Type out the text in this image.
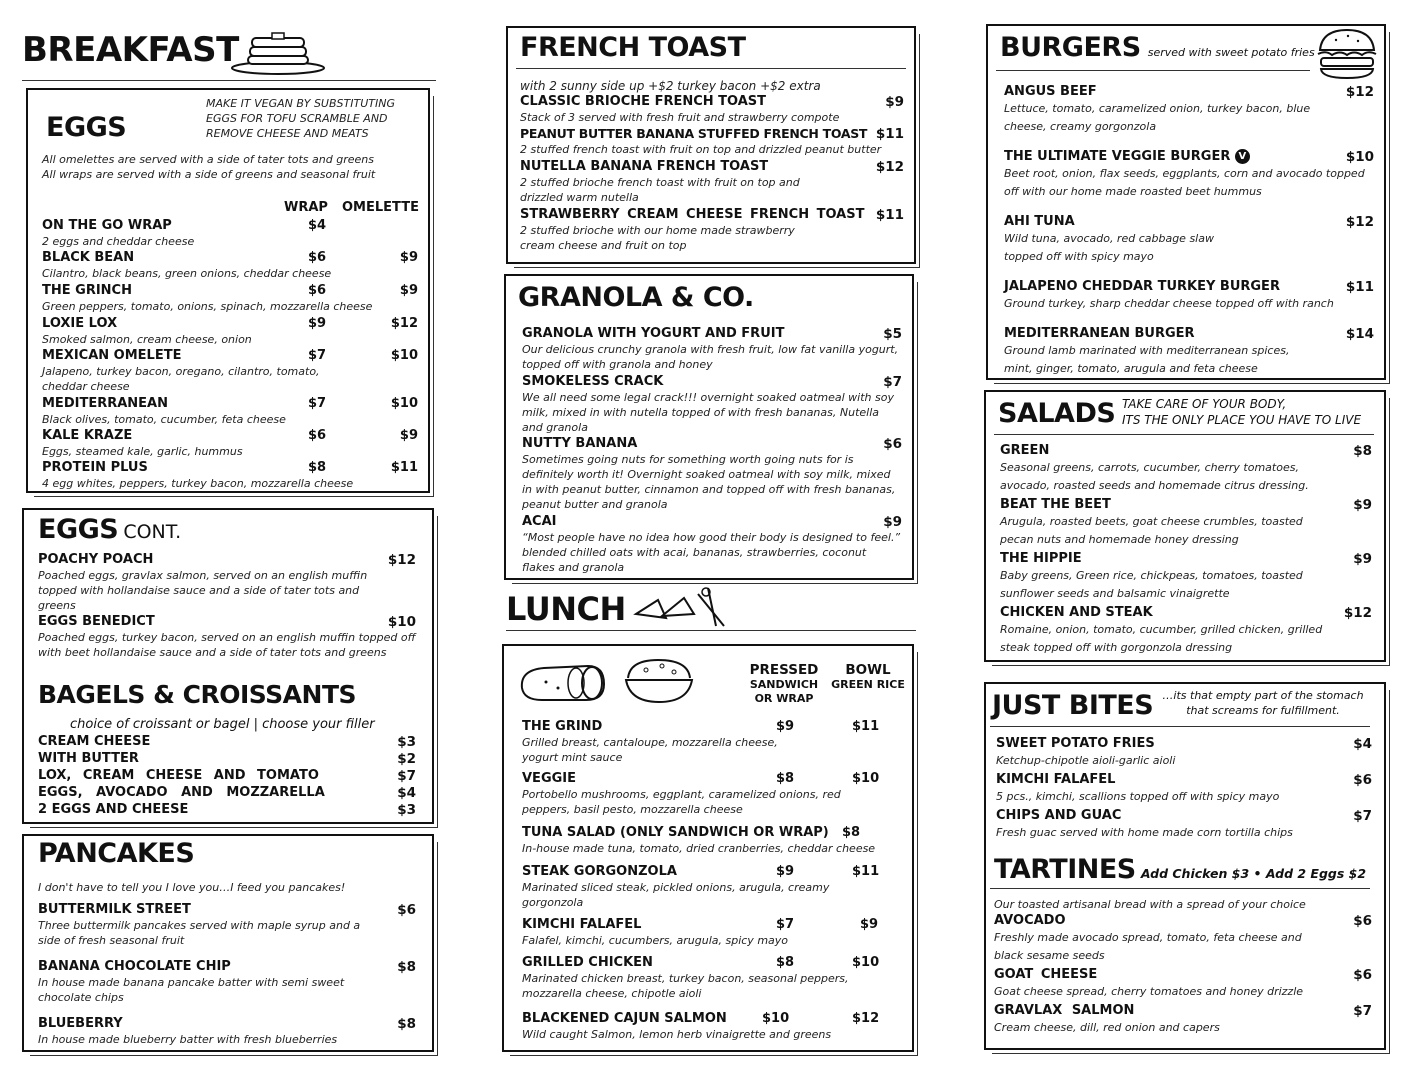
BREAKFAST
EGGS
MAKE IT VEGAN BY SUBSTITUTING EGGS FOR TOFU SCRAMBLE AND REMOVE CHEESE AND MEATS
All omelettes are served with a side of tater tots and greens
All wraps are served with a side of greens and seasonal fruit
WRAP OMELETTE
ON THE GO WRAP	$4
2 eggs and cheddar cheese
BLACK BEAN	$6	$9
Cilantro, black beans, green onions, cheddar cheese
THE GRINCH	$6	$9
Green peppers, tomato, onions, spinach, mozzarella cheese
LOXIE LOX	$9	$12
Smoked salmon, cream cheese, onion
MEXICAN OMELETE	$7	$10
Jalapeno, turkey bacon, oregano, cilantro, tomato, cheddar cheese
MEDITERRANEAN	$7	$10
Black olives, tomato, cucumber, feta cheese
KALE KRAZE	$6	$9
Eggs, steamed kale, garlic, hummus
PROTEIN PLUS	$8	$11
4 egg whites, peppers, turkey bacon, mozzarella cheese
EGGS CONT.
POACHY POACH	$12
Poached eggs, gravlax salmon, served on an english muffin topped with hollandaise sauce and a side of tater tots and greens
EGGS BENEDICT	$10
Poached eggs, turkey bacon, served on an english muffin topped off with beet hollandaise sauce and a side of tater tots and greens
BAGELS & CROISSANTS
choice of croissant or bagel | choose your filler
CREAM CHEESE	$3
WITH BUTTER	$2
LOX, CREAM CHEESE AND TOMATO	$7
EGGS, AVOCADO AND MOZZARELLA	$4
2 EGGS AND CHEESE	$3
PANCAKES
I don't have to tell you I love you…I feed you pancakes!
BUTTERMILK STREET	$6
Three buttermilk pancakes served with maple syrup and a side of fresh seasonal fruit
BANANA CHOCOLATE CHIP	$8
In house made banana pancake batter with semi sweet chocolate chips
BLUEBERRY	$8
In house made blueberry batter with fresh blueberries
FRENCH TOAST
with 2 sunny side up +$2 turkey bacon +$2 extra
CLASSIC BRIOCHE FRENCH TOAST	$9
Stack of 3 served with fresh fruit and strawberry compote
PEANUT BUTTER BANANA STUFFED FRENCH TOAST $11
2 stuffed french toast with fruit on top and drizzled peanut butter
NUTELLA BANANA FRENCH TOAST	$12
2 stuffed brioche french toast with fruit on top and drizzled warm nutella
STRAWBERRY CREAM CHEESE FRENCH TOAST $11
2 stuffed brioche with our home made strawberry cream cheese and fruit on top
GRANOLA & CO.
GRANOLA WITH YOGURT AND FRUIT	$5
Our delicious crunchy granola with fresh fruit, low fat vanilla yogurt, topped off with granola and honey
SMOKELESS CRACK	$7
We all need some legal crack!!! overnight soaked oatmeal with soy milk, mixed in with nutella topped of with fresh bananas, Nutella and granola
NUTTY BANANA	$6
Sometimes going nuts for something worth going nuts for is definitely worth it! Overnight soaked oatmeal with soy milk, mixed in with peanut butter, cinnamon and topped off with fresh bananas, peanut butter and granola
ACAI	$9
“Most people have no idea how good their body is designed to feel.” blended chilled oats with acai, bananas, strawberries, coconut flakes and granola
LUNCH
PRESSED
SANDWICH
OR WRAP
BOWL
GREEN RICE
THE GRIND	$9	$11
Grilled breast, cantaloupe, mozzarella cheese, yogurt mint sauce
VEGGIE	$8	$10
Portobello mushrooms, eggplant, caramelized onions, red peppers, basil pesto, mozzarella cheese
TUNA SALAD (ONLY SANDWICH OR WRAP)	$8
In-house made tuna, tomato, dried cranberries, cheddar cheese
STEAK GORGONZOLA	$9	$11
Marinated sliced steak, pickled onions, arugula, creamy gorgonzola
KIMCHI FALAFEL	$7	$9
Falafel, kimchi, cucumbers, arugula, spicy mayo
GRILLED CHICKEN	$8	$10
Marinated chicken breast, turkey bacon, seasonal peppers, mozzarella cheese, chipotle aioli
BLACKENED CAJUN SALMON	$10	$12
Wild caught Salmon, lemon herb vinaigrette and greens
BURGERS served with sweet potato fries
ANGUS BEEF	$12
Lettuce, tomato, caramelized onion, turkey bacon, blue cheese, creamy gorgonzola
THE ULTIMATE VEGGIE BURGER V	$10
Beet root, onion, flax seeds, eggplants, corn and avocado topped off with our home made roasted beet hummus
AHI TUNA	$12
Wild tuna, avocado, red cabbage slaw topped off with spicy mayo
JALAPENO CHEDDAR TURKEY BURGER	$11
Ground turkey, sharp cheddar cheese topped off with ranch
MEDITERRANEAN BURGER	$14
Ground lamb marinated with mediterranean spices, mint, ginger, tomato, arugula and feta cheese
SALADS TAKE CARE OF YOUR BODY,
ITS THE ONLY PLACE YOU HAVE TO LIVE
GREEN	$8
Seasonal greens, carrots, cucumber, cherry tomatoes, avocado, roasted seeds and homemade citrus dressing.
BEAT THE BEET	$9
Arugula, roasted beets, goat cheese crumbles, toasted pecan nuts and homemade honey dressing
THE HIPPIE	$9
Baby greens, Green rice, chickpeas, tomatoes, toasted sunflower seeds and balsamic vinaigrette
CHICKEN AND STEAK	$12
Romaine, onion, tomato, cucumber, grilled chicken, grilled steak topped off with gorgonzola dressing
JUST BITES …its that empty part of the stomach
that screams for fulfillment.
SWEET POTATO FRIES	$4
Ketchup-chipotle aioli-garlic aioli
KIMCHI FALAFEL	$6
5 pcs., kimchi, scallions topped off with spicy mayo
CHIPS AND GUAC	$7
Fresh guac served with home made corn tortilla chips
TARTINES Add Chicken $3 • Add 2 Eggs $2
Our toasted artisanal bread with a spread of your choice
AVOCADO	$6
Freshly made avocado spread, tomato, feta cheese and black sesame seeds
GOAT CHEESE	$6
Goat cheese spread, cherry tomatoes and honey drizzle
GRAVLAX SALMON	$7
Cream cheese, dill, red onion and capers
